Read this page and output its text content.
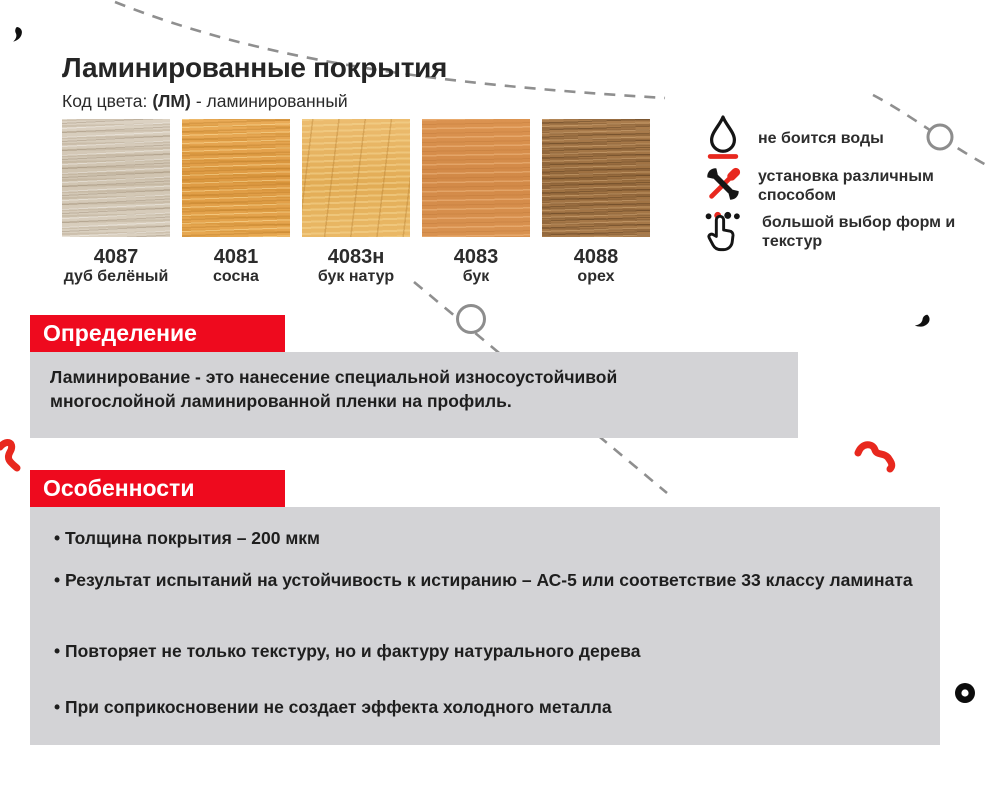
Ламинированные покрытия
Код цвета: (ЛМ) - ламинированный
4087
дуб белёный
4081
сосна
4083н
бук натур
4083
бук
4088
орех
не боится воды
установка различным способом
большой выбор форм и текстур
Определение

Ламинирование - это нанесение специальной износоустойчивой многослойной ламинированной пленки на профиль.

Особенности

• Толщина покрытия – 200 мкм

• Результат испытаний на устойчивость к истиранию – АС-5 или соответствие 33 классу ламината

• Повторяет не только текстуру, но и фактуру натурального дерева

• При соприкосновении не создает эффекта холодного металла
